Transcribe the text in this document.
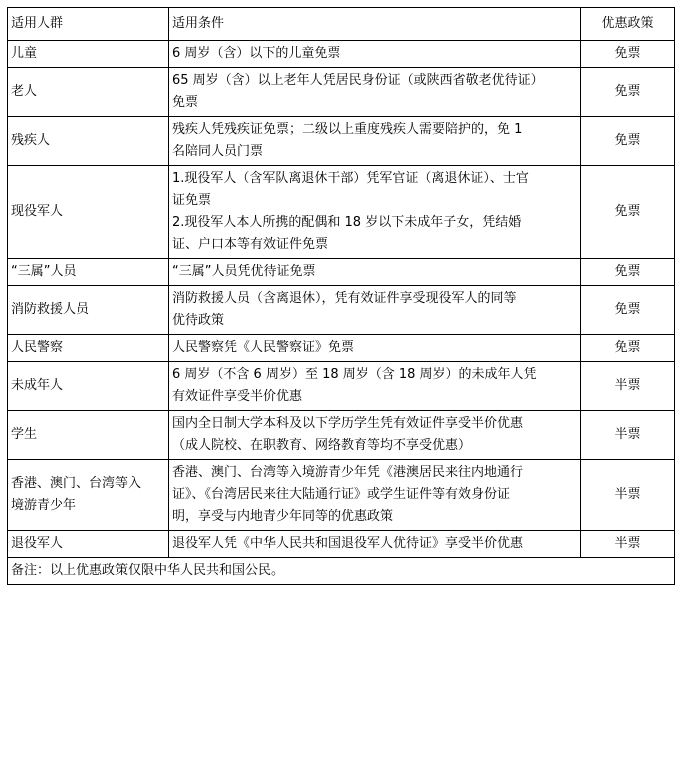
适用人群	适用条件	优惠政策

儿童	6 周岁（含）以下的儿童免票	免票

老人	65 周岁（含）以上老年人凭居民身份证（或陕西省敬老优待证）
免票	免票

残疾人	残疾人凭残疾证免票；二级以上重度残疾人需要陪护的，免 1
名陪同人员门票	免票

现役军人	1.现役军人（含军队离退休干部）凭军官证（离退休证）、士官
证免票
2.现役军人本人所携的配偶和 18 岁以下未成年子女，凭结婚
证、户口本等有效证件免票	免票

“三属”人员	“三属”人员凭优待证免票	免票

消防救援人员	消防救援人员（含离退休），凭有效证件享受现役军人的同等
优待政策	免票

人民警察	人民警察凭《人民警察证》免票	免票

未成年人	6 周岁（不含 6 周岁）至 18 周岁（含 18 周岁）的未成年人凭
有效证件享受半价优惠	半票

学生	国内全日制大学本科及以下学历学生凭有效证件享受半价优惠
（成人院校、在职教育、网络教育等均不享受优惠）	半票

香港、澳门、台湾等入
境游青少年	香港、澳门、台湾等入境游青少年凭《港澳居民来往内地通行
证》、《台湾居民来往大陆通行证》或学生证件等有效身份证
明，享受与内地青少年同等的优惠政策	半票

退役军人	退役军人凭《中华人民共和国退役军人优待证》享受半价优惠	半票
备注：以上优惠政策仅限中华人民共和国公民。		
